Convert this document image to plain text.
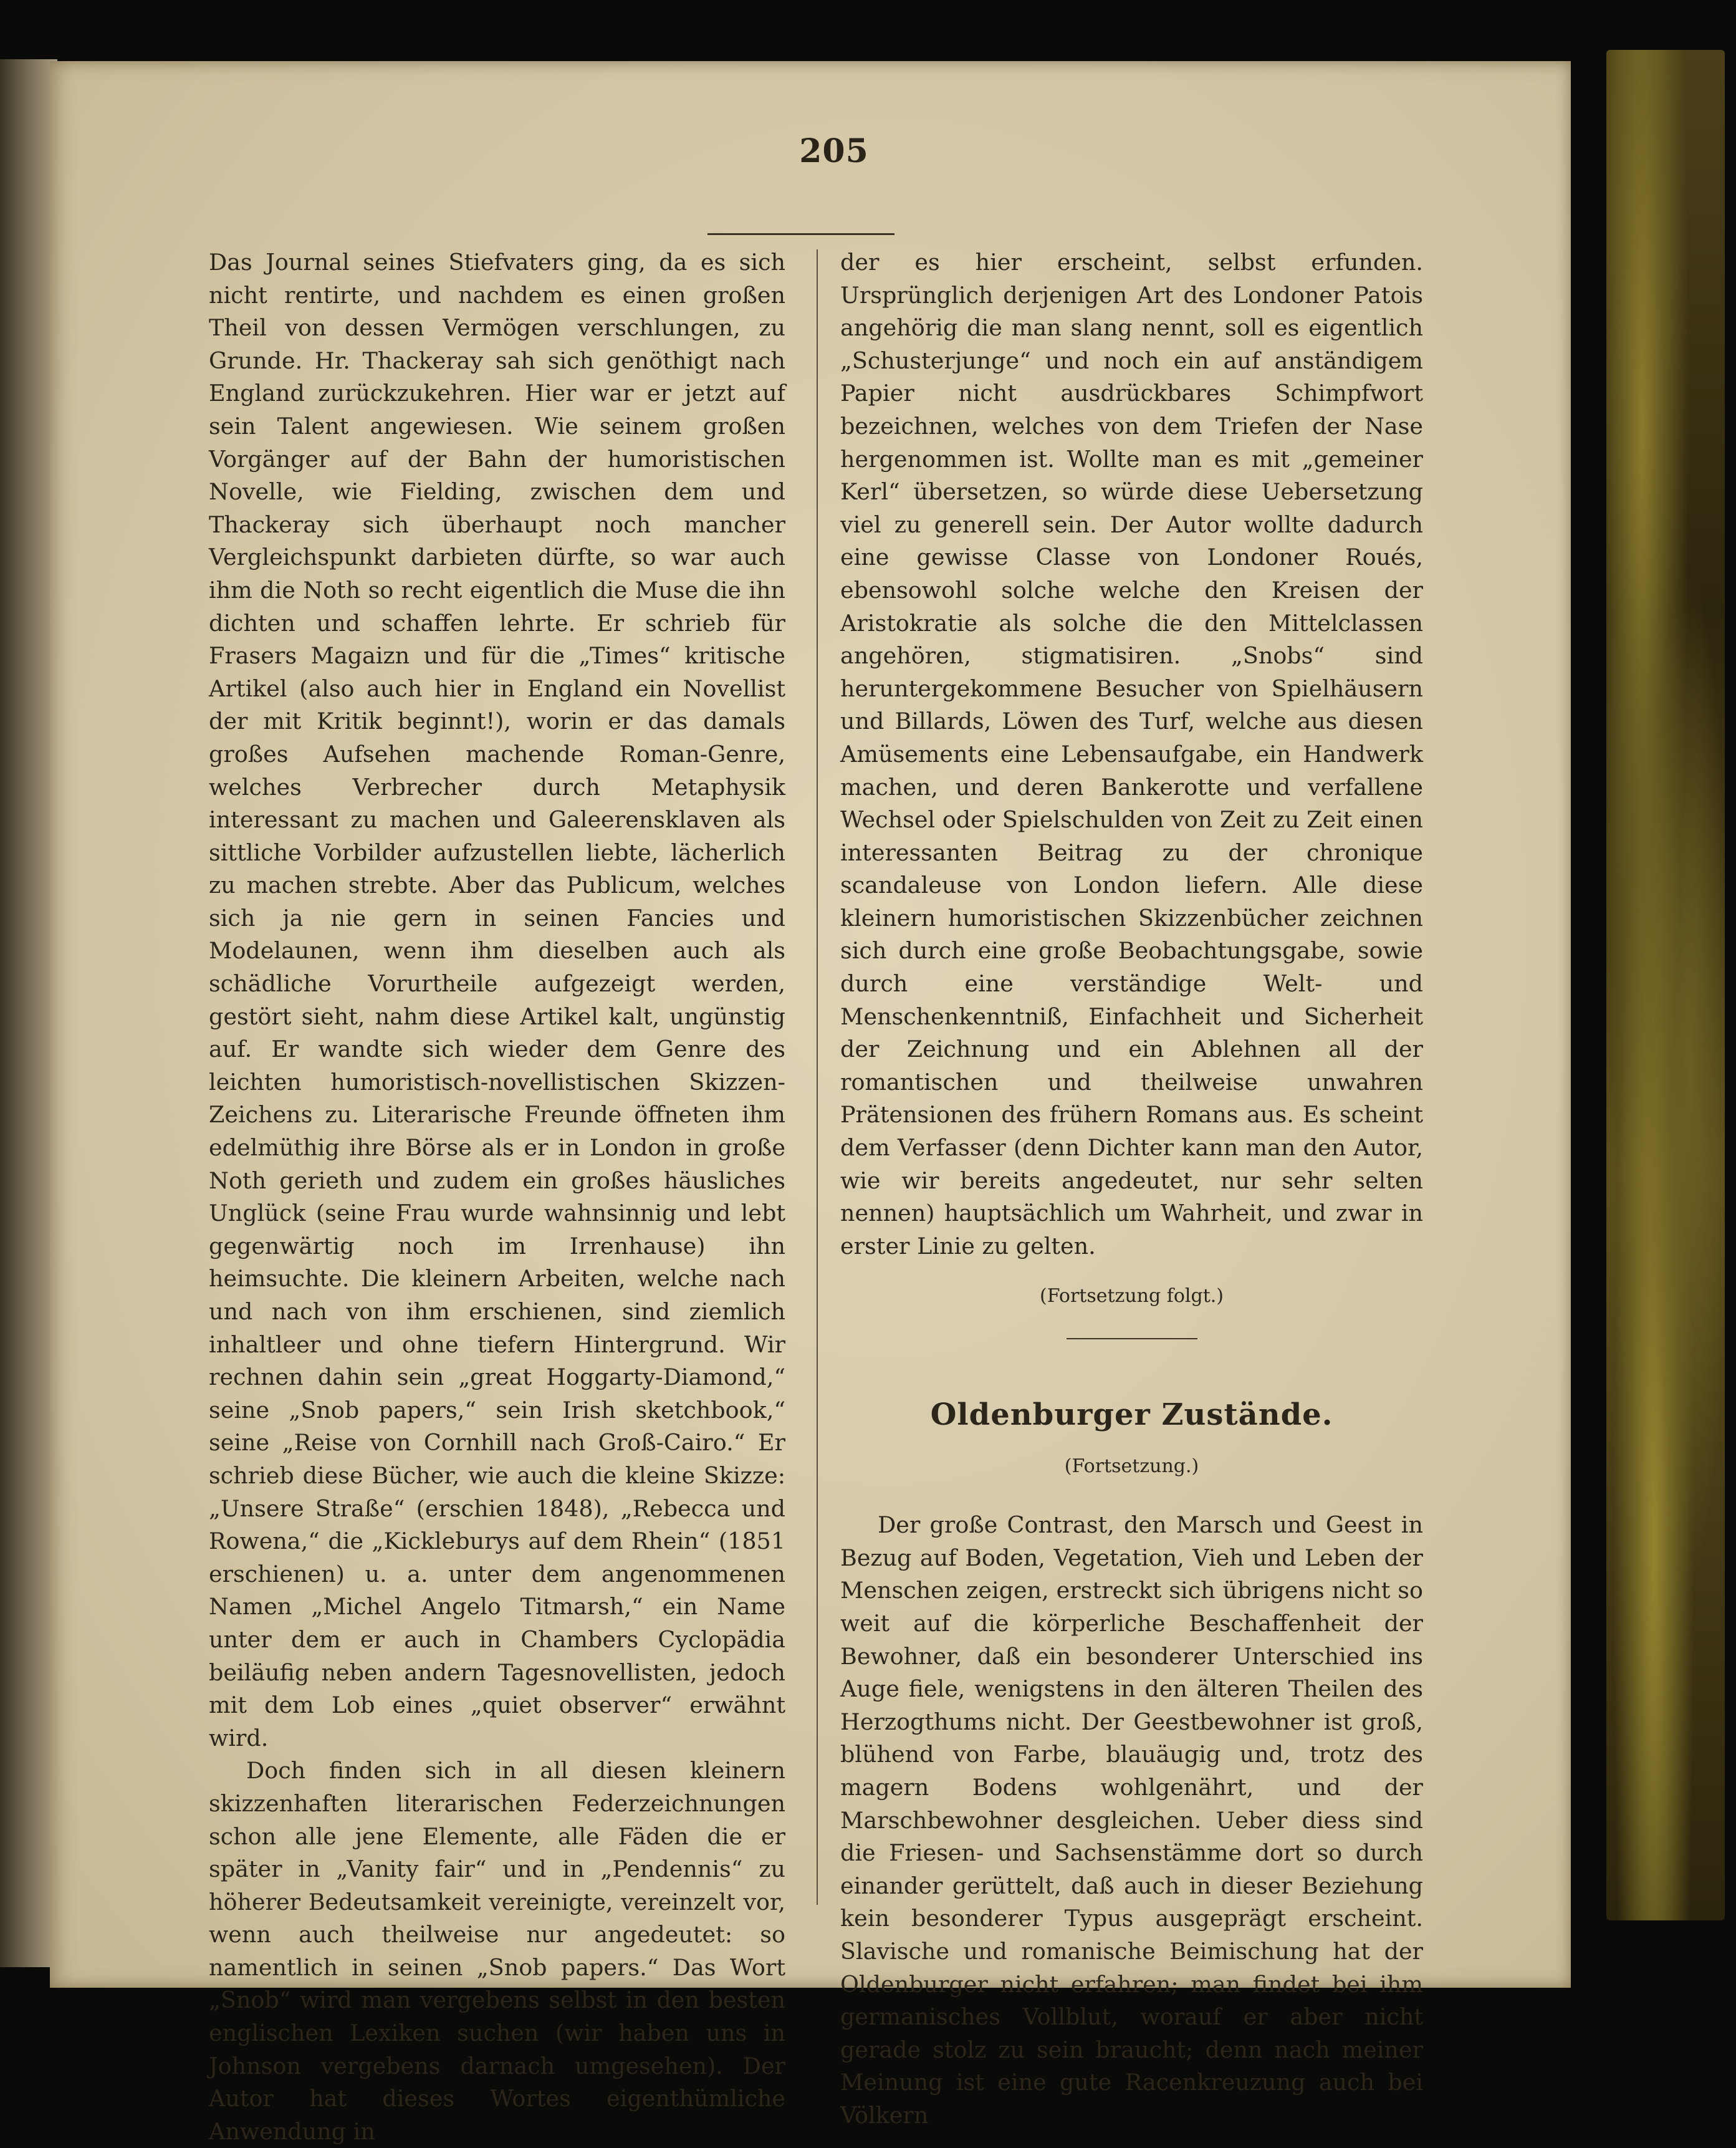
205

Das Journal seines Stiefvaters ging, da es sich nicht rentirte, und nachdem es einen großen Theil von dessen Vermögen verschlungen, zu Grunde. Hr. Thackeray sah sich genöthigt nach England zurückzukehren. Hier war er jetzt auf sein Talent angewiesen. Wie seinem großen Vorgänger auf der Bahn der humoristischen Novelle, wie Fielding, zwischen dem und Thackeray sich überhaupt noch mancher Vergleichspunkt darbieten dürfte, so war auch ihm die Noth so recht eigentlich die Muse die ihn dichten und schaffen lehrte. Er schrieb für Frasers Magaizn und für die „Times“ kritische Artikel (also auch hier in England ein Novellist der mit Kritik beginnt!), worin er das damals großes Aufsehen machende Roman-Genre, welches Verbrecher durch Metaphysik interessant zu machen und Galeerensklaven als sittliche Vorbilder aufzustellen liebte, lächerlich zu machen strebte. Aber das Publicum, welches sich ja nie gern in seinen Fancies und Modelaunen, wenn ihm dieselben auch als schädliche Vorurtheile aufgezeigt werden, gestört sieht, nahm diese Artikel kalt, ungünstig auf. Er wandte sich wieder dem Genre des leichten humoristisch-novellistischen Skizzen-Zeichens zu. Literarische Freunde öffneten ihm edelmüthig ihre Börse als er in London in große Noth gerieth und zudem ein großes häusliches Unglück (seine Frau wurde wahnsinnig und lebt gegenwärtig noch im Irrenhause) ihn heimsuchte. Die kleinern Arbeiten, welche nach und nach von ihm erschienen, sind ziemlich inhaltleer und ohne tiefern Hintergrund. Wir rechnen dahin sein „great Hoggarty-Diamond,“ seine „Snob papers,“ sein Irish sketchbook,“ seine „Reise von Cornhill nach Groß-Cairo.“ Er schrieb diese Bücher, wie auch die kleine Skizze: „Unsere Straße“ (erschien 1848), „Rebecca und Rowena,“ die „Kickleburys auf dem Rhein“ (1851 erschienen) u. a. unter dem angenommenen Namen „Michel Angelo Titmarsh,“ ein Name unter dem er auch in Chambers Cyclopädia beiläufig neben andern Tagesnovellisten, jedoch mit dem Lob eines „quiet observer“ erwähnt wird.

Doch finden sich in all diesen kleinern skizzenhaften literarischen Federzeichnungen schon alle jene Elemente, alle Fäden die er später in „Vanity fair“ und in „Pendennis“ zu höherer Bedeutsamkeit vereinigte, vereinzelt vor, wenn auch theilweise nur angedeutet: so namentlich in seinen „Snob papers.“ Das Wort „Snob“ wird man vergebens selbst in den besten englischen Lexiken suchen (wir haben uns in Johnson vergebens darnach umgesehen). Der Autor hat dieses Wortes eigenthümliche Anwendung in

der es hier erscheint, selbst erfunden. Ursprünglich derjenigen Art des Londoner Patois angehörig die man slang nennt, soll es eigentlich „Schusterjunge“ und noch ein auf anständigem Papier nicht ausdrückbares Schimpfwort bezeichnen, welches von dem Triefen der Nase hergenommen ist. Wollte man es mit „gemeiner Kerl“ übersetzen, so würde diese Uebersetzung viel zu generell sein. Der Autor wollte dadurch eine gewisse Classe von Londoner Roués, ebensowohl solche welche den Kreisen der Aristokratie als solche die den Mittelclassen angehören, stigmatisiren. „Snobs“ sind heruntergekommene Besucher von Spielhäusern und Billards, Löwen des Turf, welche aus diesen Amüsements eine Lebensaufgabe, ein Handwerk machen, und deren Bankerotte und verfallene Wechsel oder Spielschulden von Zeit zu Zeit einen interessanten Beitrag zu der chronique scandaleuse von London liefern. Alle diese kleinern humoristischen Skizzenbücher zeichnen sich durch eine große Beobachtungsgabe, sowie durch eine verständige Welt- und Menschenkenntniß, Einfachheit und Sicherheit der Zeichnung und ein Ablehnen all der romantischen und theilweise unwahren Prätensionen des frühern Romans aus. Es scheint dem Verfasser (denn Dichter kann man den Autor, wie wir bereits angedeutet, nur sehr selten nennen) hauptsächlich um Wahrheit, und zwar in erster Linie zu gelten.

(Fortsetzung folgt.)

Oldenburger Zustände.

(Fortsetzung.)

Der große Contrast, den Marsch und Geest in Bezug auf Boden, Vegetation, Vieh und Leben der Menschen zeigen, erstreckt sich übrigens nicht so weit auf die körperliche Beschaffenheit der Bewohner, daß ein besonderer Unterschied ins Auge fiele, wenigstens in den älteren Theilen des Herzogthums nicht. Der Geestbewohner ist groß, blühend von Farbe, blauäugig und, trotz des magern Bodens wohlgenährt, und der Marschbewohner desgleichen. Ueber diess sind die Friesen- und Sachsenstämme dort so durch einander gerüttelt, daß auch in dieser Beziehung kein besonderer Typus ausgeprägt erscheint. Slavische und romanische Beimischung hat der Oldenburger nicht erfahren; man findet bei ihm germanisches Vollblut, worauf er aber nicht gerade stolz zu sein braucht; denn nach meiner Meinung ist eine gute Racenkreuzung auch bei Völkern
